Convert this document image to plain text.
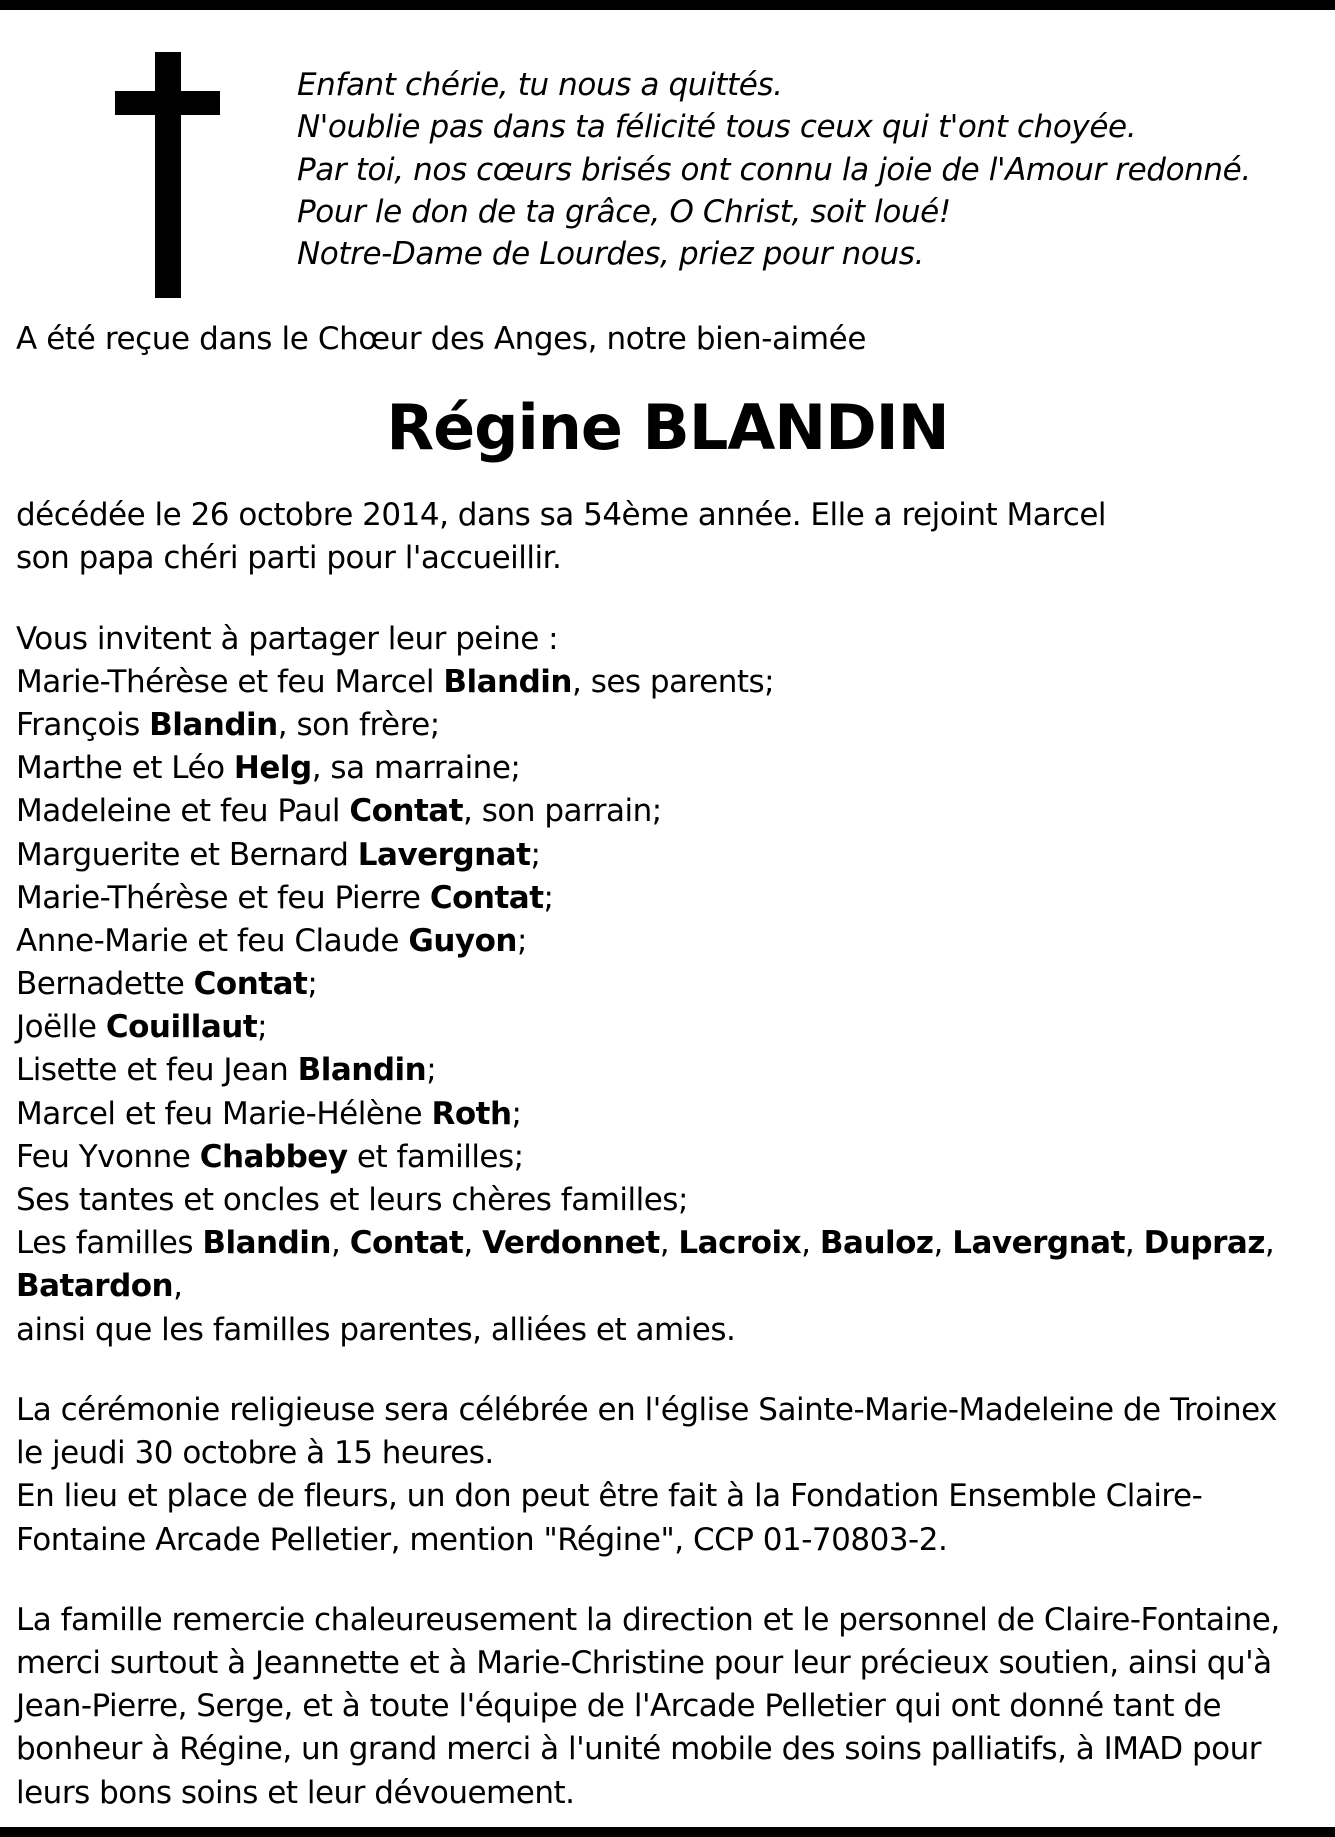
Enfant chérie, tu nous a quittés.
N'oublie pas dans ta félicité tous ceux qui t'ont choyée.
Par toi, nos cœurs brisés ont connu la joie de l'Amour redonné.
Pour le don de ta grâce, O Christ, soit loué!
Notre-Dame de Lourdes, priez pour nous.
A été reçue dans le Chœur des Anges, notre bien-aimée
Régine BLANDIN
décédée le 26 octobre 2014, dans sa 54ème année. Elle a rejoint Marcel
son papa chéri parti pour l'accueillir.
Vous invitent à partager leur peine :
Marie-Thérèse et feu Marcel Blandin, ses parents;
François Blandin, son frère;
Marthe et Léo Helg, sa marraine;
Madeleine et feu Paul Contat, son parrain;
Marguerite et Bernard Lavergnat;
Marie-Thérèse et feu Pierre Contat;
Anne-Marie et feu Claude Guyon;
Bernadette Contat;
Joëlle Couillaut;
Lisette et feu Jean Blandin;
Marcel et feu Marie-Hélène Roth;
Feu Yvonne Chabbey et familles;
Ses tantes et oncles et leurs chères familles;
Les familles Blandin, Contat, Verdonnet, Lacroix, Bauloz, Lavergnat, Dupraz,
Batardon,
ainsi que les familles parentes, alliées et amies.
La cérémonie religieuse sera célébrée en l'église Sainte-Marie-Madeleine de Troinex
le jeudi 30 octobre à 15 heures.
En lieu et place de fleurs, un don peut être fait à la Fondation Ensemble Claire-
Fontaine Arcade Pelletier, mention "Régine", CCP 01-70803-2.
La famille remercie chaleureusement la direction et le personnel de Claire-Fontaine,
merci surtout à Jeannette et à Marie-Christine pour leur précieux soutien, ainsi qu'à
Jean-Pierre, Serge, et à toute l'équipe de l'Arcade Pelletier qui ont donné tant de
bonheur à Régine, un grand merci à l'unité mobile des soins palliatifs, à IMAD pour
leurs bons soins et leur dévouement.
